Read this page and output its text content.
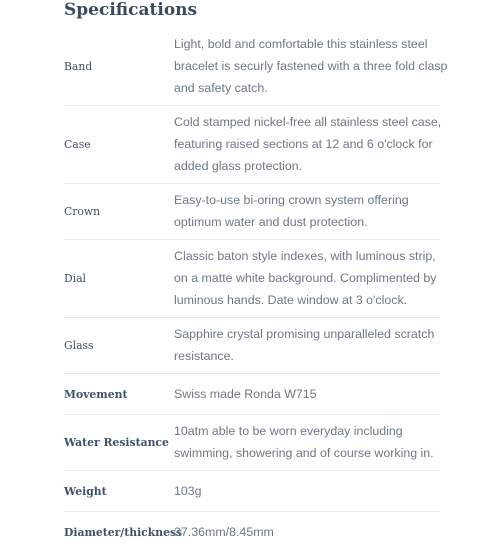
Specifications
Band	Light, bold and comfortable this stainless steel
bracelet is securly fastened with a three fold clasp
and safety catch.

Case	Cold stamped nickel-free all stainless steel case,
featuring raised sections at 12 and 6 o'clock for
added glass protection.

Crown	Easy-to-use bi-oring crown system offering
optimum water and dust protection.

Dial	Classic baton style indexes, with luminous strip,
on a matte white background. Complimented by
luminous hands. Date window at 3 o'clock.

Glass	Sapphire crystal promising unparalleled scratch
resistance.

Movement	Swiss made Ronda W715

Water Resistance	10atm able to be worn everyday including
swimming, showering and of course working in.

Weight	103g

Diameter/thickness	37.36mm/8.45mm
